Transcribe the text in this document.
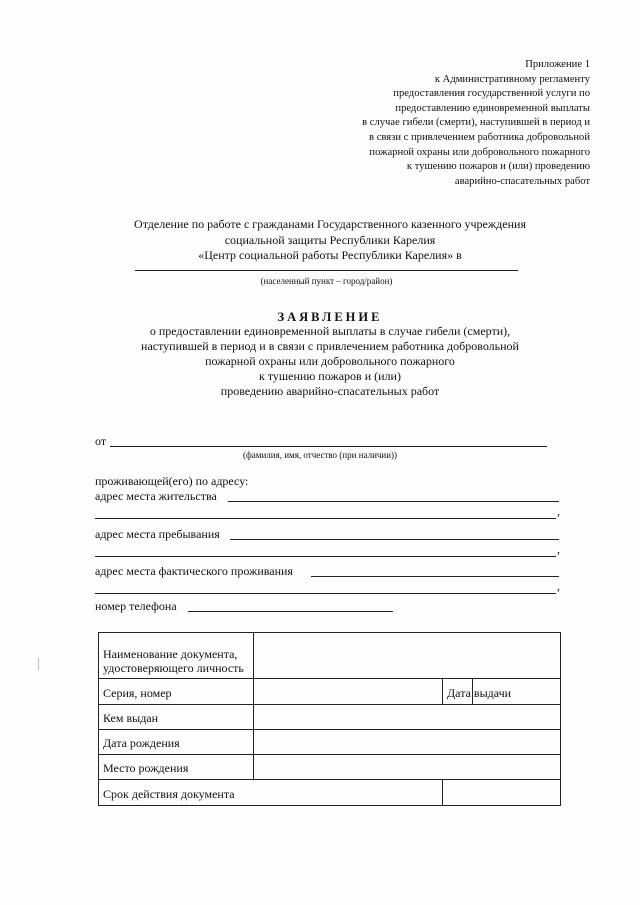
Приложение 1
к Административному регламенту
предоставления государственной услуги по
предоставлению единовременной выплаты
в случае гибели (смерти), наступившей в период и
в связи с привлечением работника добровольной
пожарной охраны или добровольного пожарного
к тушению пожаров и (или) проведению
аварийно-спасательных работ
Отделение по работе с гражданами Государственного казенного учреждения
социальной защиты Республики Карелия
«Центр социальной работы Республики Карелия» в
(населенный пункт – город/район)
ЗАЯВЛЕНИЕ
о предоставлении единовременной выплаты в случае гибели (смерти),
наступившей в период и в связи с привлечением работника добровольной
пожарной охраны или добровольного пожарного
к тушению пожаров и (или)
проведению аварийно-спасательных работ
от
(фамилия, имя, отчество (при наличии))
проживающей(его) по адресу:
адрес места жительства
,
адрес места пребывания
,
адрес места фактического проживания
,
номер телефона
Наименование документа, удостоверяющего личность			
Серия, номер		Дата выдачи	
Кем выдан			
Дата рождения			
Место рождения			
Срок действия документа			
